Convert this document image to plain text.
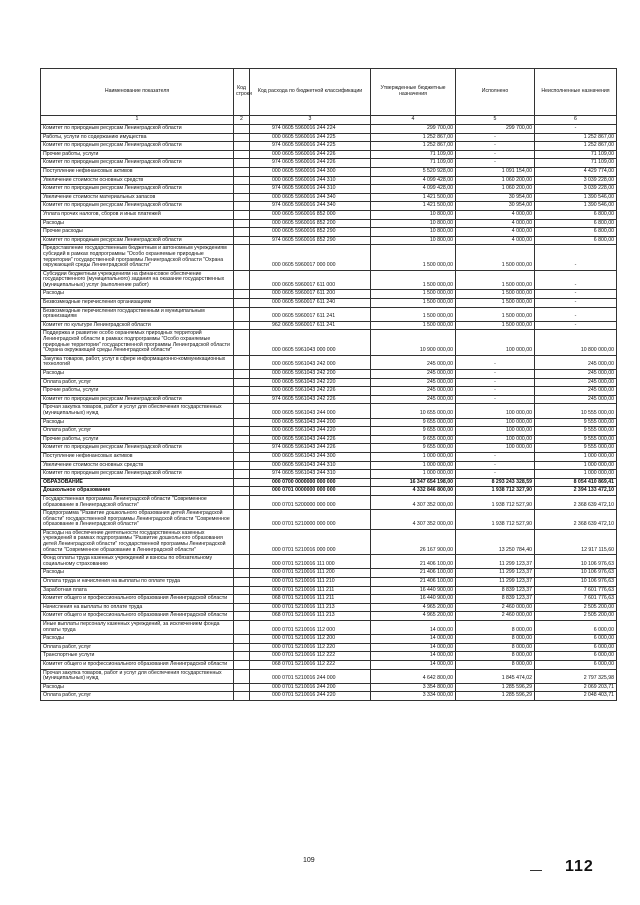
Наименование показателя	Код строки	Код расхода по бюджетной классификации	Утвержденные бюджетные назначения	Исполнено	Неисполненные назначения
1	2	3	4	5	6
Комитет по природным ресурсам Ленинградской области		974 0605 5960016 244 224	299 700,00	299 700,00	-
Работы, услуги по содержанию имущества		000 0605 5960016 244 225	1 252 867,00	-	1 252 867,00
Комитет по природным ресурсам Ленинградской области		974 0605 5960016 244 225	1 252 867,00	-	1 252 867,00
Прочие работы, услуги		000 0605 5960016 244 226	71 109,00	-	71 109,00
Комитет по природным ресурсам Ленинградской области		974 0605 5960016 244 226	71 109,00	-	71 109,00
Поступление нефинансовых активов		000 0605 5960016 244 300	5 520 928,00	1 091 154,00	4 429 774,00
Увеличение стоимости основных средств		000 0605 5960016 244 310	4 099 428,00	1 060 200,00	3 039 228,00
Комитет по природным ресурсам Ленинградской области		974 0605 5960016 244 310	4 099 428,00	1 060 200,00	3 039 228,00
Увеличение стоимости материальных запасов		000 0605 5960016 244 340	1 421 500,00	30 954,00	1 390 546,00
Комитет по природным ресурсам Ленинградской области		974 0605 5960016 244 340	1 421 500,00	30 954,00	1 390 546,00
Уплата прочих налогов, сборов и иных платежей		000 0605 5960016 852 000	10 800,00	4 000,00	6 800,00
Расходы		000 0605 5960016 852 200	10 800,00	4 000,00	6 800,00
Прочие расходы		000 0605 5960016 852 290	10 800,00	4 000,00	6 800,00
Комитет по природным ресурсам Ленинградской области		974 0605 5960016 852 290	10 800,00	4 000,00	6 800,00
Предоставление государственным бюджетным и автономным учреждениям субсидий в рамках подпрограммы "Особо охраняемые природные территории" государственной программы Ленинградской области "Охрана окружающей среды Ленинградской области"		000 0605 5960017 000 000	1 500 000,00	1 500 000,00	-
Субсидии бюджетным учреждениям на финансовое обеспечение государственного (муниципального) задания на оказание государственных (муниципальных) услуг (выполнение работ)		000 0605 5960017 611 000	1 500 000,00	1 500 000,00	-
Расходы		000 0605 5960017 611 200	1 500 000,00	1 500 000,00	-
Безвозмездные перечисления организациям		000 0605 5960017 611 240	1 500 000,00	1 500 000,00	-
Безвозмездные перечисления государственным и муниципальным организациям		000 0605 5960017 611 241	1 500 000,00	1 500 000,00	-
Комитет по культуре Ленинградской области		962 0605 5960017 611 241	1 500 000,00	1 500 000,00	-
Поддержка и развитие особо охраняемых природных территорий Ленинградской области в рамках подпрограммы "Особо охраняемые природные территории" государственной программы Ленинградской области "Охрана окружающей среды Ленинградской области"		000 0605 5961043 000 000	10 900 000,00	100 000,00	10 800 000,00
Закупка товаров, работ, услуг в сфере информационно-коммуникационных технологий		000 0605 5961043 242 000	245 000,00	-	245 000,00
Расходы		000 0605 5961043 242 200	245 000,00	-	245 000,00
Оплата работ, услуг		000 0605 5961043 242 220	245 000,00	-	245 000,00
Прочие работы, услуги		000 0605 5961043 242 226	245 000,00	-	245 000,00
Комитет по природным ресурсам Ленинградской области		974 0605 5961043 242 226	245 000,00	-	245 000,00
Прочая закупка товаров, работ и услуг для обеспечения государственных (муниципальных) нужд		000 0605 5961043 244 000	10 655 000,00	100 000,00	10 555 000,00
Расходы		000 0605 5961043 244 200	9 655 000,00	100 000,00	9 555 000,00
Оплата работ, услуг		000 0605 5961043 244 220	9 655 000,00	100 000,00	9 555 000,00
Прочие работы, услуги		000 0605 5961043 244 226	9 655 000,00	100 000,00	9 555 000,00
Комитет по природным ресурсам Ленинградской области		974 0605 5961043 244 226	9 655 000,00	100 000,00	9 555 000,00
Поступление нефинансовых активов		000 0605 5961043 244 300	1 000 000,00	-	1 000 000,00
Увеличение стоимости основных средств		000 0605 5961043 244 310	1 000 000,00	-	1 000 000,00
Комитет по природным ресурсам Ленинградской области		974 0605 5961043 244 310	1 000 000,00	-	1 000 000,00
ОБРАЗОВАНИЕ		000 0700 0000000 000 000	16 347 654 198,00	8 293 243 328,59	8 054 410 869,41
Дошкольное образование		000 0701 0000000 000 000	4 332 846 800,00	1 938 712 327,90	2 394 133 472,10
Государственная программа Ленинградской области "Современное образование в Ленинградской области"		000 0701 5200000 000 000	4 307 352 000,00	1 938 712 527,90	2 368 639 472,10
Подпрограмма "Развитие дошкольного образования детей Ленинградской области" государственной программы Ленинградской области "Современное образование в Ленинградской области"		000 0701 5210000 000 000	4 307 352 000,00	1 938 712 527,90	2 368 639 472,10
Расходы на обеспечение деятельности государственных казенных учреждений в рамках подпрограммы "Развитие дошкольного образования детей Ленинградской области" государственной программы Ленинградской области "Современное образование в Ленинградской области"		000 0701 5210016 000 000	26 167 900,00	13 250 784,40	12 917 115,60
Фонд оплаты труда казенных учреждений и взносы по обязательному социальному страхованию		000 0701 5210016 111 000	21 406 100,00	11 299 123,37	10 106 976,63
Расходы		000 0701 5210016 111 200	21 406 100,00	11 299 123,37	10 106 976,63
Оплата труда и начисления на выплаты по оплате труда		000 0701 5210016 111 210	21 406 100,00	11 299 123,37	10 106 976,63
Заработная плата		000 0701 5210016 111 211	16 440 900,00	8 839 123,37	7 601 776,63
Комитет общего и профессионального образования Ленинградской области		068 0701 5210016 111 211	16 440 900,00	8 839 123,37	7 601 776,63
Начисления на выплаты по оплате труда		000 0701 5210016 111 213	4 965 200,00	2 460 000,00	2 505 200,00
Комитет общего и профессионального образования Ленинградской области		068 0701 5210016 111 213	4 965 200,00	2 460 000,00	2 505 200,00
Иные выплаты персоналу казенных учреждений, за исключением фонда оплаты труда		000 0701 5210016 112 000	14 000,00	8 000,00	6 000,00
Расходы		000 0701 5210016 112 200	14 000,00	8 000,00	6 000,00
Оплата работ, услуг		000 0701 5210016 112 220	14 000,00	8 000,00	6 000,00
Транспортные услуги		000 0701 5210016 112 222	14 000,00	8 000,00	6 000,00
Комитет общего и профессионального образования Ленинградской области		068 0701 5210016 112 222	14 000,00	8 000,00	6 000,00
Прочая закупка товаров, работ и услуг для обеспечения государственных (муниципальных) нужд		000 0701 5210016 244 000	4 642 800,00	1 845 474,02	2 797 325,98
Расходы		000 0701 5210016 244 200	3 354 800,00	1 285 596,29	2 069 203,71
Оплата работ, услуг		000 0701 5210016 244 220	3 334 000,00	1 285 596,29	2 048 403,71
109	112
